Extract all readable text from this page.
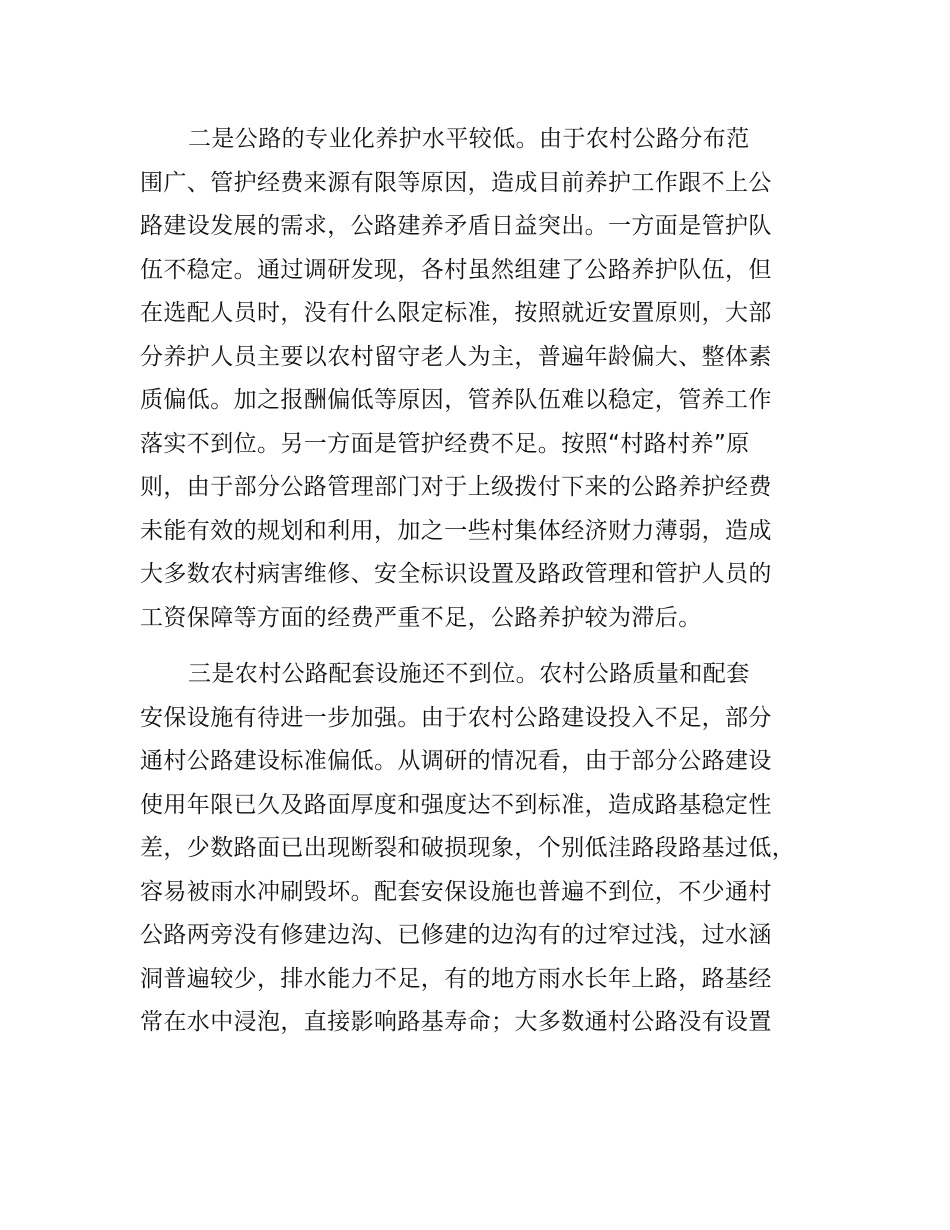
二是公路的专业化养护水平较低。由于农村公路分布范
围广、管护经费来源有限等原因，造成目前养护工作跟不上公
路建设发展的需求，公路建养矛盾日益突出。一方面是管护队
伍不稳定。通过调研发现，各村虽然组建了公路养护队伍，但
在选配人员时，没有什么限定标准，按照就近安置原则，大部
分养护人员主要以农村留守老人为主，普遍年龄偏大、整体素
质偏低。加之报酬偏低等原因，管养队伍难以稳定，管养工作
落实不到位。另一方面是管护经费不足。按照“村路村养”原
则，由于部分公路管理部门对于上级拨付下来的公路养护经费
未能有效的规划和利用，加之一些村集体经济财力薄弱，造成
大多数农村病害维修、安全标识设置及路政管理和管护人员的
工资保障等方面的经费严重不足，公路养护较为滞后。
三是农村公路配套设施还不到位。农村公路质量和配套
安保设施有待进一步加强。由于农村公路建设投入不足，部分
通村公路建设标准偏低。从调研的情况看，由于部分公路建设
使用年限已久及路面厚度和强度达不到标准，造成路基稳定性
差，少数路面已出现断裂和破损现象，个别低洼路段路基过低，
容易被雨水冲刷毁坏。配套安保设施也普遍不到位，不少通村
公路两旁没有修建边沟、已修建的边沟有的过窄过浅，过水涵
洞普遍较少，排水能力不足，有的地方雨水长年上路，路基经
常在水中浸泡，直接影响路基寿命；大多数通村公路没有设置
